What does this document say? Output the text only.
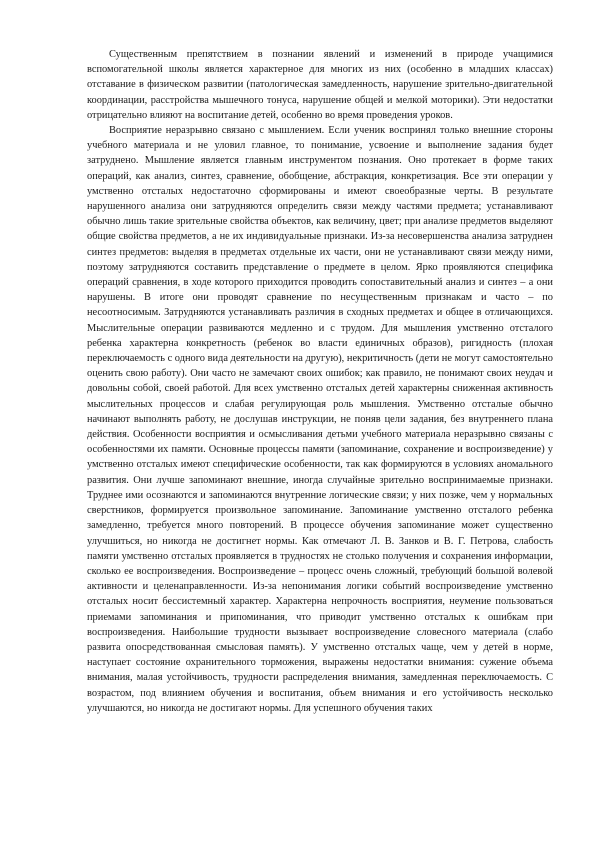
Существенным препятствием в познании явлений и изменений в природе учащимися вспомогательной школы является характерное для многих из них (особенно в младших классах) отставание в физическом развитии (патологическая замедленность, нарушение зрительно-двигательной координации, расстройства мышечного тонуса, нарушение общей и мелкой моторики). Эти недостатки отрицательно влияют на воспитание детей, особенно во время проведения уроков.

Восприятие неразрывно связано с мышлением. Если ученик воспринял только внешние стороны учебного материала и не уловил главное, то понимание, усвоение и выполнение задания будет затруднено. Мышление является главным инструментом познания. Оно протекает в форме таких операций, как анализ, синтез, сравнение, обобщение, абстракция, конкретизация. Все эти операции у умственно отсталых недостаточно сформированы и имеют своеобразные черты. В результате нарушенного анализа они затрудняются определить связи между частями предмета; устанавливают обычно лишь такие зрительные свойства объектов, как величину, цвет; при анализе предметов выделяют общие свойства предметов, а не их индивидуальные признаки. Из-за несовершенства анализа затруднен синтез предметов: выделяя в предметах отдельные их части, они не устанавливают связи между ними, поэтому затрудняются составить представление о предмете в целом. Ярко проявляются специфика операций сравнения, в ходе которого приходится проводить сопоставительный анализ и синтез – а они нарушены. В итоге они проводят сравнение по несущественным признакам и часто – по несоотносимым. Затрудняются устанавливать различия в сходных предметах и общее в отличающихся. Мыслительные операции развиваются медленно и с трудом. Для мышления умственно отсталого ребенка характерна конкретность (ребенок во власти единичных образов), ригидность (плохая переключаемость с одного вида деятельности на другую), некритичность (дети не могут самостоятельно оценить свою работу). Они часто не замечают своих ошибок; как правило, не понимают своих неудач и довольны собой, своей работой. Для всех умственно отсталых детей характерны сниженная активность мыслительных процессов и слабая регулирующая роль мышления. Умственно отсталые обычно начинают выполнять работу, не дослушав инструкции, не поняв цели задания, без внутреннего плана действия. Особенности восприятия и осмысливания детьми учебного материала неразрывно связаны с особенностями их памяти. Основные процессы памяти (запоминание, сохранение и воспроизведение) у умственно отсталых имеют специфические особенности, так как формируются в условиях аномального развития. Они лучше запоминают внешние, иногда случайные зрительно воспринимаемые признаки. Труднее ими осознаются и запоминаются внутренние логические связи; у них позже, чем у нормальных сверстников, формируется произвольное запоминание. Запоминание умственно отсталого ребенка замедленно, требуется много повторений. В процессе обучения запоминание может существенно улучшиться, но никогда не достигнет нормы. Как отмечают Л. В. Занков и В. Г. Петрова, слабость памяти умственно отсталых проявляется в трудностях не столько получения и сохранения информации, сколько ее воспроизведения. Воспроизведение – процесс очень сложный, требующий большой волевой активности и целенаправленности. Из-за непонимания логики событий воспроизведение умственно отсталых носит бессистемный характер. Характерна непрочность восприятия, неумение пользоваться приемами запоминания и припоминания, что приводит умственно отсталых к ошибкам при воспроизведения. Наибольшие трудности вызывает воспроизведение словесного материала (слабо развита опосредствованная смысловая память). У умственно отсталых чаще, чем у детей в норме, наступает состояние охранительного торможения, выражены недостатки внимания: сужение объема внимания, малая устойчивость, трудности распределения внимания, замедленная переключаемость. С возрастом, под влиянием обучения и воспитания, объем внимания и его устойчивость несколько улучшаются, но никогда не достигают нормы. Для успешного обучения таких
